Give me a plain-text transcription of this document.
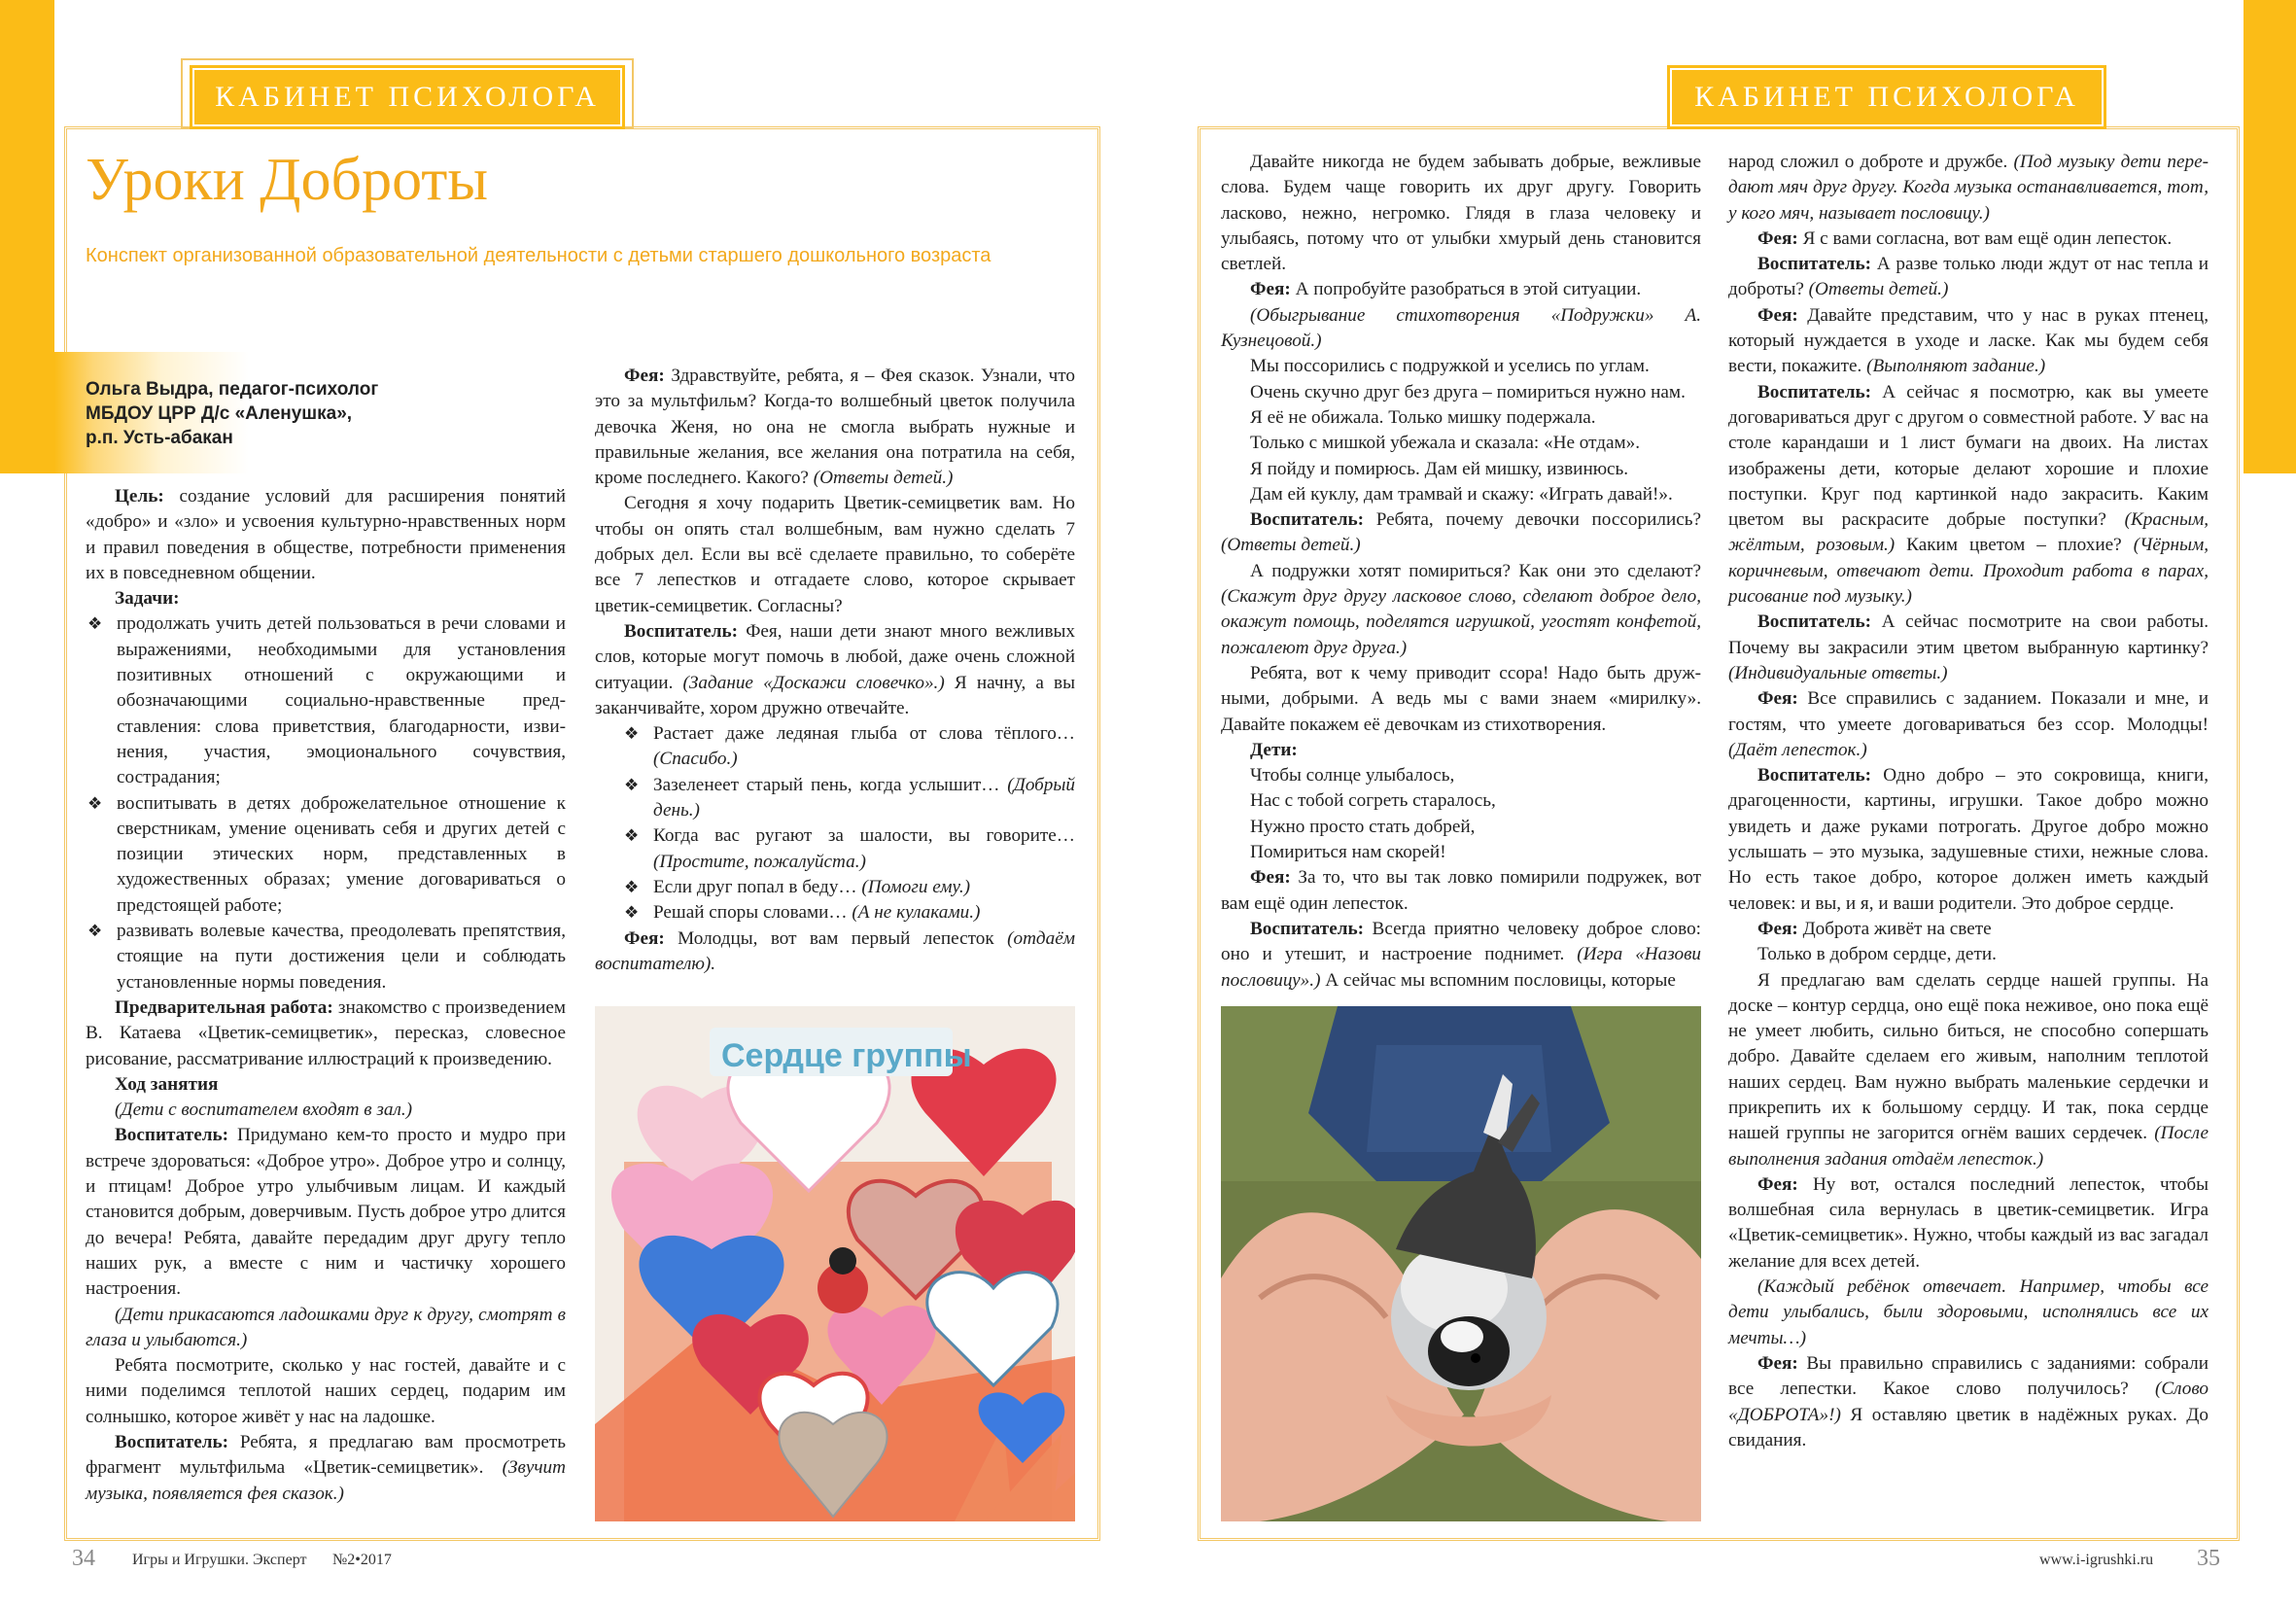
КАБИНЕТ ПСИХОЛОГА	КАБИНЕТ ПСИХОЛОГА
Уроки Доброты
Конспект организованной образовательной деятельности с детьми старшего дошкольного возраста
Ольга Выдра, педагог-психолог
МБДОУ ЦРР Д/с «Аленушка»,
р.п. Усть-абакан

Цель: создание условий для расширения понятий «добро» и «зло» и усвоения культурно-нравственных норм и правил поведения в обществе, потребности применения их в повседневном общении.

Задачи:

❖ продолжать учить детей пользоваться в речи словами и выражениями, необходимыми для установления позитивных отношений с окружающими и обозначающими социально-нравственные представления: слова приветствия, благодарности, извинения, участия, эмоционального сочувствия, сострадания;
❖ воспитывать в детях доброжелательное отношение к сверстникам, умение оценивать себя и других детей с позиции этических норм, представленных в художественных образах; умение договариваться о предстоящей работе;
❖ развивать волевые качества, преодолевать препятствия, стоящие на пути достижения цели и соблюдать установленные нормы поведения.

Предварительная работа: знакомство с произведением В. Катаева «Цветик-семицветик», пересказ, словесное рисование, рассматривание иллюстраций к произведению.

Ход занятия

(Дети с воспитателем входят в зал.)

Воспитатель: Придумано кем-то просто и мудро при встрече здороваться: «Доброе утро». Доброе утро и солнцу, и птицам! Доброе утро улыбчивым лицам. И каждый становится добрым, доверчивым. Пусть доброе утро длится до вечера! Ребята, давайте передадим друг другу тепло наших рук, а вместе с ним и частичку хорошего настроения.

(Дети прикасаются ладошками друг к другу, смотрят в глаза и улыбаются.)

Ребята посмотрите, сколько у нас гостей, давайте и с ними поделимся теплотой наших сердец, подарим им солнышко, которое живёт у нас на ладошке.

Воспитатель: Ребята, я предлагаю вам просмотреть фрагмент мультфильма «Цветик-семицветик». (Звучит музыка, появляется фея сказок.)

Фея: Здравствуйте, ребята, я – Фея сказок. Узнали, что это за мультфильм? Когда-то волшебный цветок получила девочка Женя, но она не смогла выбрать нужные и правильные желания, все желания она потратила на себя, кроме последнего. Какого? (Ответы детей.)

Сегодня я хочу подарить Цветик-семицветик вам. Но чтобы он опять стал волшебным, вам нужно сделать 7 добрых дел. Если вы всё сделаете правильно, то соберёте все 7 лепестков и отгадаете слово, которое скрывает цветик-семицветик. Согласны?

Воспитатель: Фея, наши дети знают много вежливых слов, которые могут помочь в любой, даже очень сложной ситуации. (Задание «Доскажи словечко».) Я начну, а вы заканчивайте, хором дружно отвечайте.

❖ Растает даже ледяная глыба от слова тёплого… (Спасибо.)
❖ Зазеленеет старый пень, когда услышит… (Добрый день.)
❖ Когда вас ругают за шалости, вы говорите… (Простите, пожалуйста.)
❖ Если друг попал в беду… (Помоги ему.)
❖ Решай споры словами… (А не кулаками.)

Фея: Молодцы, вот вам первый лепесток (отдаём воспитателю).

Сердце группы

Давайте никогда не будем забывать добрые, вежливые слова. Будем чаще говорить их друг другу. Говорить ласково, нежно, негромко. Глядя в глаза человеку и улыбаясь, потому что от улыбки хмурый день становится светлей.

Фея: А попробуйте разобраться в этой ситуации.

(Обыгрывание стихотворения «Подружки» А. Кузнецовой.)

Мы поссорились с подружкой и уселись по углам.

Очень скучно друг без друга – помириться нужно нам.

Я её не обижала. Только мишку подержала.

Только с мишкой убежала и сказала: «Не отдам».

Я пойду и помирюсь. Дам ей мишку, извинюсь.

Дам ей куклу, дам трамвай и скажу: «Играть давай!».

Воспитатель: Ребята, почему девочки поссорились? (Ответы детей.)

А подружки хотят помириться? Как они это сделают? (Скажут друг другу ласковое слово, сделают доброе дело, окажут помощь, поделятся игрушкой, угостят конфетой, пожалеют друг друга.)

Ребята, вот к чему приводит ссора! Надо быть дружными, добрыми. А ведь мы с вами знаем «мирилку». Давайте покажем её девочкам из стихотворения.

Дети:

Чтобы солнце улыбалось,

Нас с тобой согреть старалось,

Нужно просто стать добрей,

Помириться нам скорей!

Фея: За то, что вы так ловко помирили подружек, вот вам ещё один лепесток.

Воспитатель: Всегда приятно человеку доброе слово: оно и утешит, и настроение поднимет. (Игра «Назови пословицу».) А сейчас мы вспомним пословицы, которые

народ сложил о доброте и дружбе. (Под музыку дети передают мяч друг другу. Когда музыка останавливается, тот, у кого мяч, называет пословицу.)

Фея: Я с вами согласна, вот вам ещё один лепесток.

Воспитатель: А разве только люди ждут от нас тепла и доброты? (Ответы детей.)

Фея: Давайте представим, что у нас в руках птенец, который нуждается в уходе и ласке. Как мы будем себя вести, покажите. (Выполняют задание.)

Воспитатель: А сейчас я посмотрю, как вы умеете договариваться друг с другом о совместной работе. У вас на столе карандаши и 1 лист бумаги на двоих. На листах изображены дети, которые делают хорошие и плохие поступки. Круг под картинкой надо закрасить. Каким цветом вы раскрасите добрые поступки? (Красным, жёлтым, розовым.) Каким цветом – плохие? (Чёрным, коричневым, отвечают дети. Проходит работа в парах, рисование под музыку.)

Воспитатель: А сейчас посмотрите на свои работы. Почему вы закрасили этим цветом выбранную картинку? (Индивидуальные ответы.)

Фея: Все справились с заданием. Показали и мне, и гостям, что умеете договариваться без ссор. Молодцы! (Даёт лепесток.)

Воспитатель: Одно добро – это сокровища, книги, драгоценности, картины, игрушки. Такое добро можно увидеть и даже руками потрогать. Другое добро можно услышать – это музыка, задушевные стихи, нежные слова. Но есть такое добро, которое должен иметь каждый человек: и вы, и я, и ваши родители. Это доброе сердце.

Фея: Доброта живёт на свете

Только в добром сердце, дети.

Я предлагаю вам сделать сердце нашей группы. На доске – контур сердца, оно ещё пока неживое, оно пока ещё не умеет любить, сильно биться, не способно сопершать добро. Давайте сделаем его живым, наполним теплотой наших сердец. Вам нужно выбрать маленькие сердечки и прикрепить их к большому сердцу. И так, пока сердце нашей группы не загорится огнём ваших сердечек. (После выполнения задания отдаём лепесток.)

Фея: Ну вот, остался последний лепесток, чтобы волшебная сила вернулась в цветик-семицветик. Игра «Цветик-семицветик». Нужно, чтобы каждый из вас загадал желание для всех детей.

(Каждый ребёнок отвечает. Например, чтобы все дети улыбались, были здоровыми, исполнялись все их мечты…)

Фея: Вы правильно справились с заданиями: собрали все лепестки. Какое слово получилось? (Слово «ДОБРОТА»!) Я оставляю цветик в надёжных руках. До свидания.

34 Игры и Игрушки. Эксперт №2•2017	www.i-igrushki.ru 35
